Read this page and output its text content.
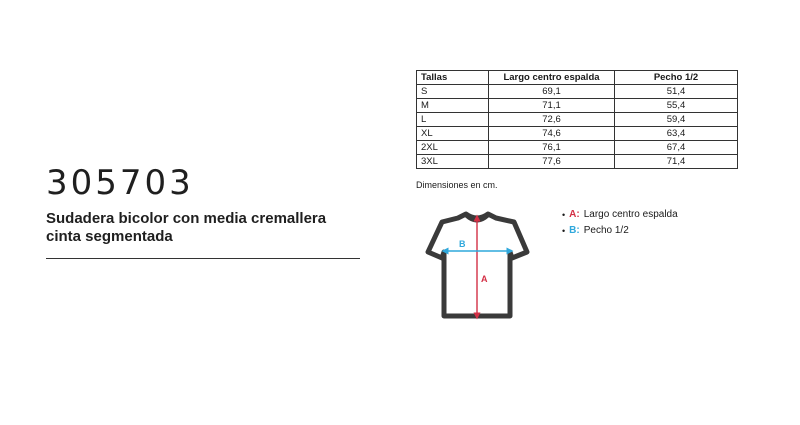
305703
Sudadera bicolor con media cremallera
cinta segmentada
Tallas	Largo centro espalda	Pecho 1/2
S	69,1	51,4
M	71,1	55,4
L	72,6	59,4
XL	74,6	63,4
2XL	76,1	67,4
3XL	77,6	71,4
Dimensiones en cm.
A
B
• A: Largo centro espalda
• B: Pecho 1/2
